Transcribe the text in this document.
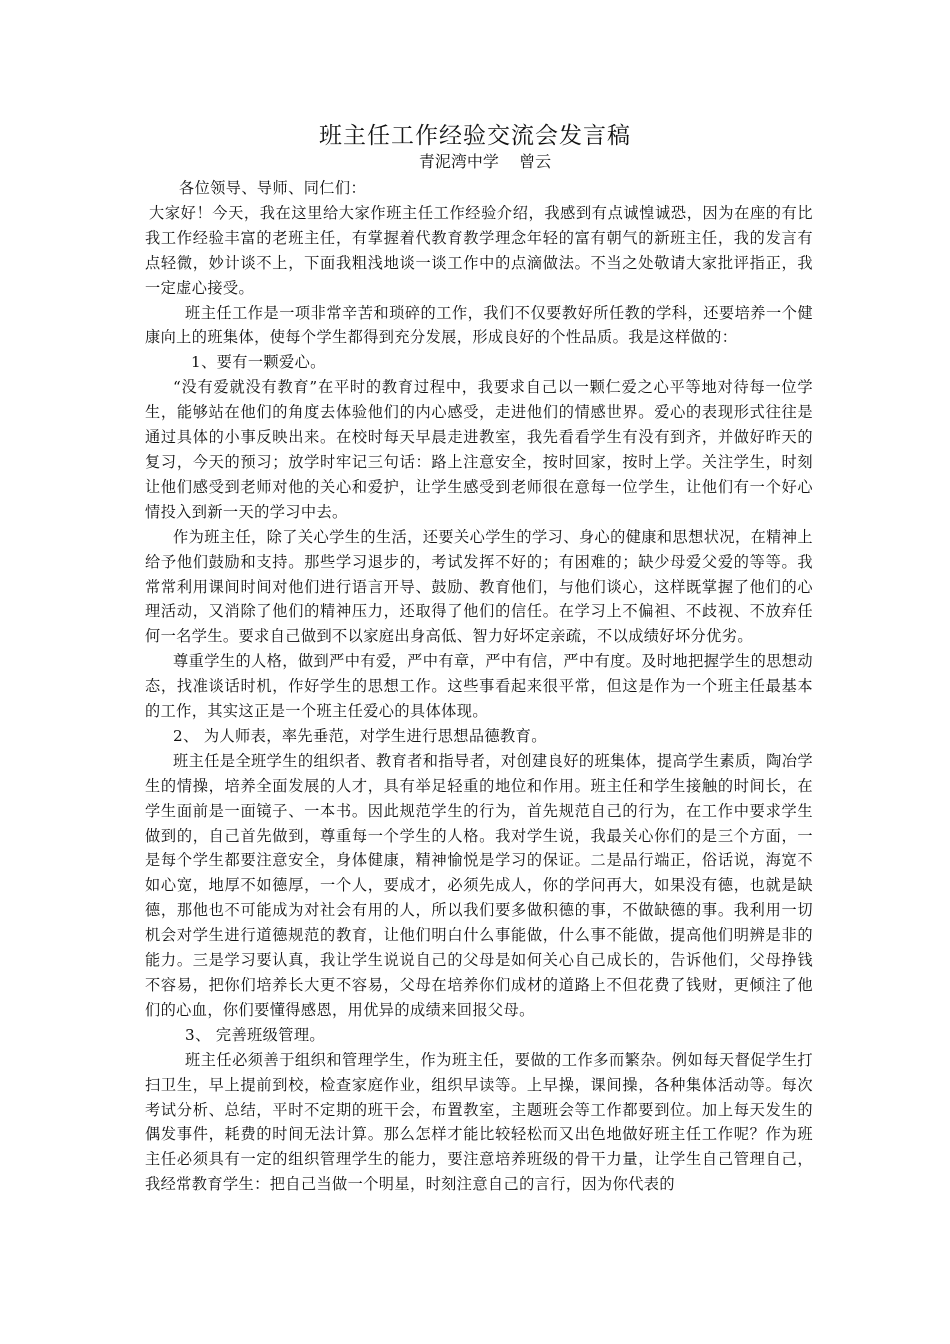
班主任工作经验交流会发言稿
青泥湾中学 曾云

各位领导、导师、同仁们：

大家好！今天，我在这里给大家作班主任工作经验介绍，我感到有点诚惶诚恐，因为在座的有比我工作经验丰富的老班主任，有掌握着代教育教学理念年轻的富有朝气的新班主任，我的发言有点轻微，妙计谈不上，下面我粗浅地谈一谈工作中的点滴做法。不当之处敬请大家批评指正，我一定虚心接受。

班主任工作是一项非常辛苦和琐碎的工作，我们不仅要教好所任教的学科，还要培养一个健康向上的班集体，使每个学生都得到充分发展，形成良好的个性品质。我是这样做的：

1、要有一颗爱心。

“没有爱就没有教育”在平时的教育过程中，我要求自己以一颗仁爱之心平等地对待每一位学生，能够站在他们的角度去体验他们的内心感受，走进他们的情感世界。爱心的表现形式往往是通过具体的小事反映出来。在校时每天早晨走进教室，我先看看学生有没有到齐，并做好昨天的复习，今天的预习；放学时牢记三句话：路上注意安全，按时回家，按时上学。关注学生，时刻让他们感受到老师对他的关心和爱护，让学生感受到老师很在意每一位学生，让他们有一个好心情投入到新一天的学习中去。

作为班主任，除了关心学生的生活，还要关心学生的学习、身心的健康和思想状况，在精神上给予他们鼓励和支持。那些学习退步的，考试发挥不好的；有困难的；缺少母爱父爱的等等。我常常利用课间时间对他们进行语言开导、鼓励、教育他们，与他们谈心，这样既掌握了他们的心理活动，又消除了他们的精神压力，还取得了他们的信任。在学习上不偏袒、不歧视、不放弃任何一名学生。要求自己做到不以家庭出身高低、智力好坏定亲疏，不以成绩好坏分优劣。

尊重学生的人格，做到严中有爱，严中有章，严中有信，严中有度。及时地把握学生的思想动态，找准谈话时机，作好学生的思想工作。这些事看起来很平常，但这是作为一个班主任最基本的工作，其实这正是一个班主任爱心的具体体现。

2、 为人师表，率先垂范，对学生进行思想品德教育。

班主任是全班学生的组织者、教育者和指导者，对创建良好的班集体，提高学生素质，陶冶学生的情操，培养全面发展的人才，具有举足轻重的地位和作用。班主任和学生接触的时间长，在学生面前是一面镜子、一本书。因此规范学生的行为，首先规范自己的行为，在工作中要求学生做到的，自己首先做到，尊重每一个学生的人格。我对学生说，我最关心你们的是三个方面，一是每个学生都要注意安全，身体健康，精神愉悦是学习的保证。二是品行端正，俗话说，海宽不如心宽，地厚不如德厚，一个人，要成才，必须先成人，你的学问再大，如果没有德，也就是缺德，那他也不可能成为对社会有用的人，所以我们要多做积德的事，不做缺德的事。我利用一切机会对学生进行道德规范的教育，让他们明白什么事能做，什么事不能做，提高他们明辨是非的能力。三是学习要认真，我让学生说说自己的父母是如何关心自己成长的，告诉他们，父母挣钱不容易，把你们培养长大更不容易，父母在培养你们成材的道路上不但花费了钱财，更倾注了他们的心血，你们要懂得感恩，用优异的成绩来回报父母。

3、 完善班级管理。

班主任必须善于组织和管理学生，作为班主任，要做的工作多而繁杂。例如每天督促学生打扫卫生，早上提前到校，检查家庭作业，组织早读等。上早操，课间操，各种集体活动等。每次考试分析、总结，平时不定期的班干会，布置教室，主题班会等工作都要到位。加上每天发生的偶发事件，耗费的时间无法计算。那么怎样才能比较轻松而又出色地做好班主任工作呢？作为班主任必须具有一定的组织管理学生的能力，要注意培养班级的骨干力量，让学生自己管理自己，我经常教育学生：把自己当做一个明星，时刻注意自己的言行，因为你代表的
